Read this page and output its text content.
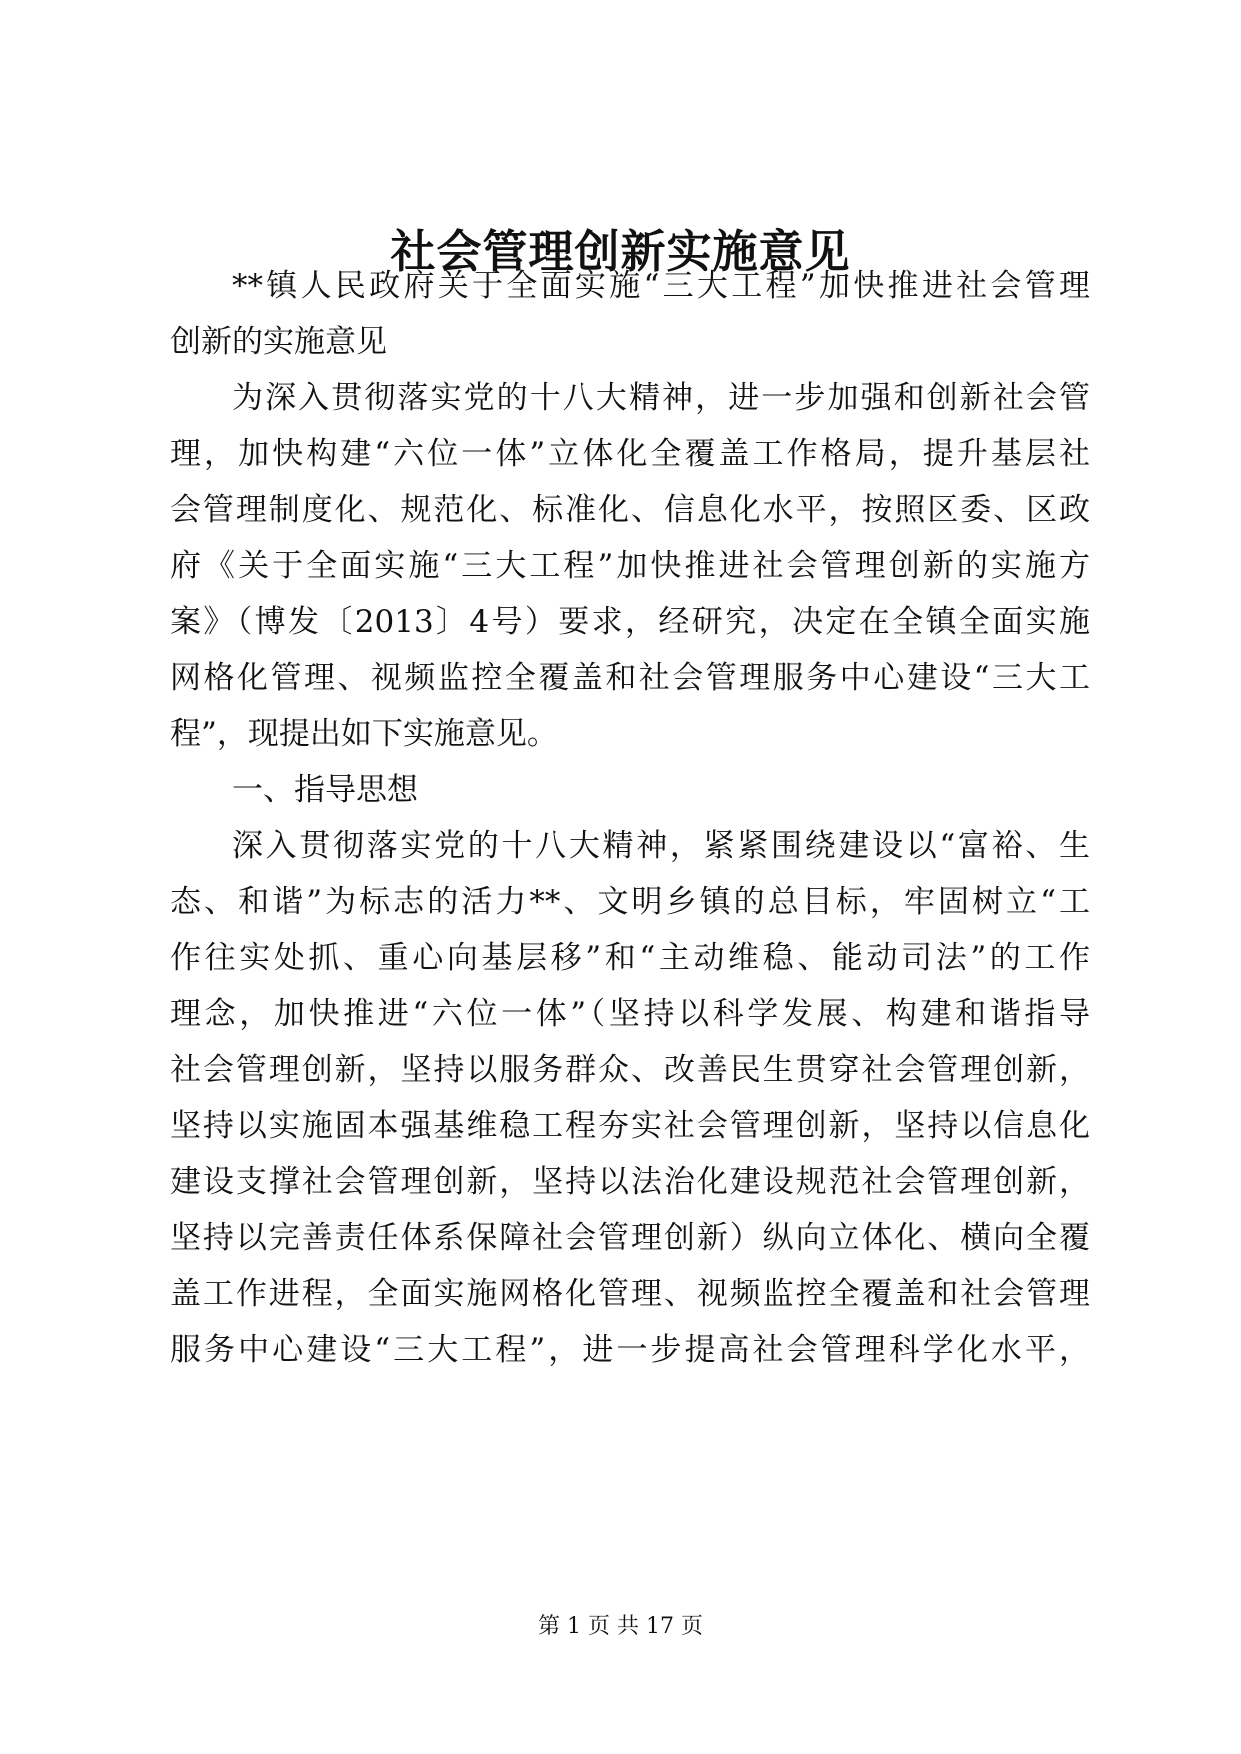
社会管理创新实施意见
**镇人民政府关于全面实施“三大工程”加快推进社会管理
创新的实施意见
为深入贯彻落实党的十八大精神，进一步加强和创新社会管
理，加快构建“六位一体”立体化全覆盖工作格局，提升基层社
会管理制度化、规范化、标准化、信息化水平，按照区委、区政
府《关于全面实施“三大工程”加快推进社会管理创新的实施方
案》（博发〔2013〕4号）要求，经研究，决定在全镇全面实施
网格化管理、视频监控全覆盖和社会管理服务中心建设“三大工
程”，现提出如下实施意见。
一、指导思想
深入贯彻落实党的十八大精神，紧紧围绕建设以“富裕、生
态、和谐”为标志的活力**、文明乡镇的总目标，牢固树立“工
作往实处抓、重心向基层移”和“主动维稳、能动司法”的工作
理念，加快推进“六位一体”（坚持以科学发展、构建和谐指导
社会管理创新，坚持以服务群众、改善民生贯穿社会管理创新，
坚持以实施固本强基维稳工程夯实社会管理创新，坚持以信息化
建设支撑社会管理创新，坚持以法治化建设规范社会管理创新，
坚持以完善责任体系保障社会管理创新）纵向立体化、横向全覆
盖工作进程，全面实施网格化管理、视频监控全覆盖和社会管理
服务中心建设“三大工程”，进一步提高社会管理科学化水平，
第 1 页 共 17 页
